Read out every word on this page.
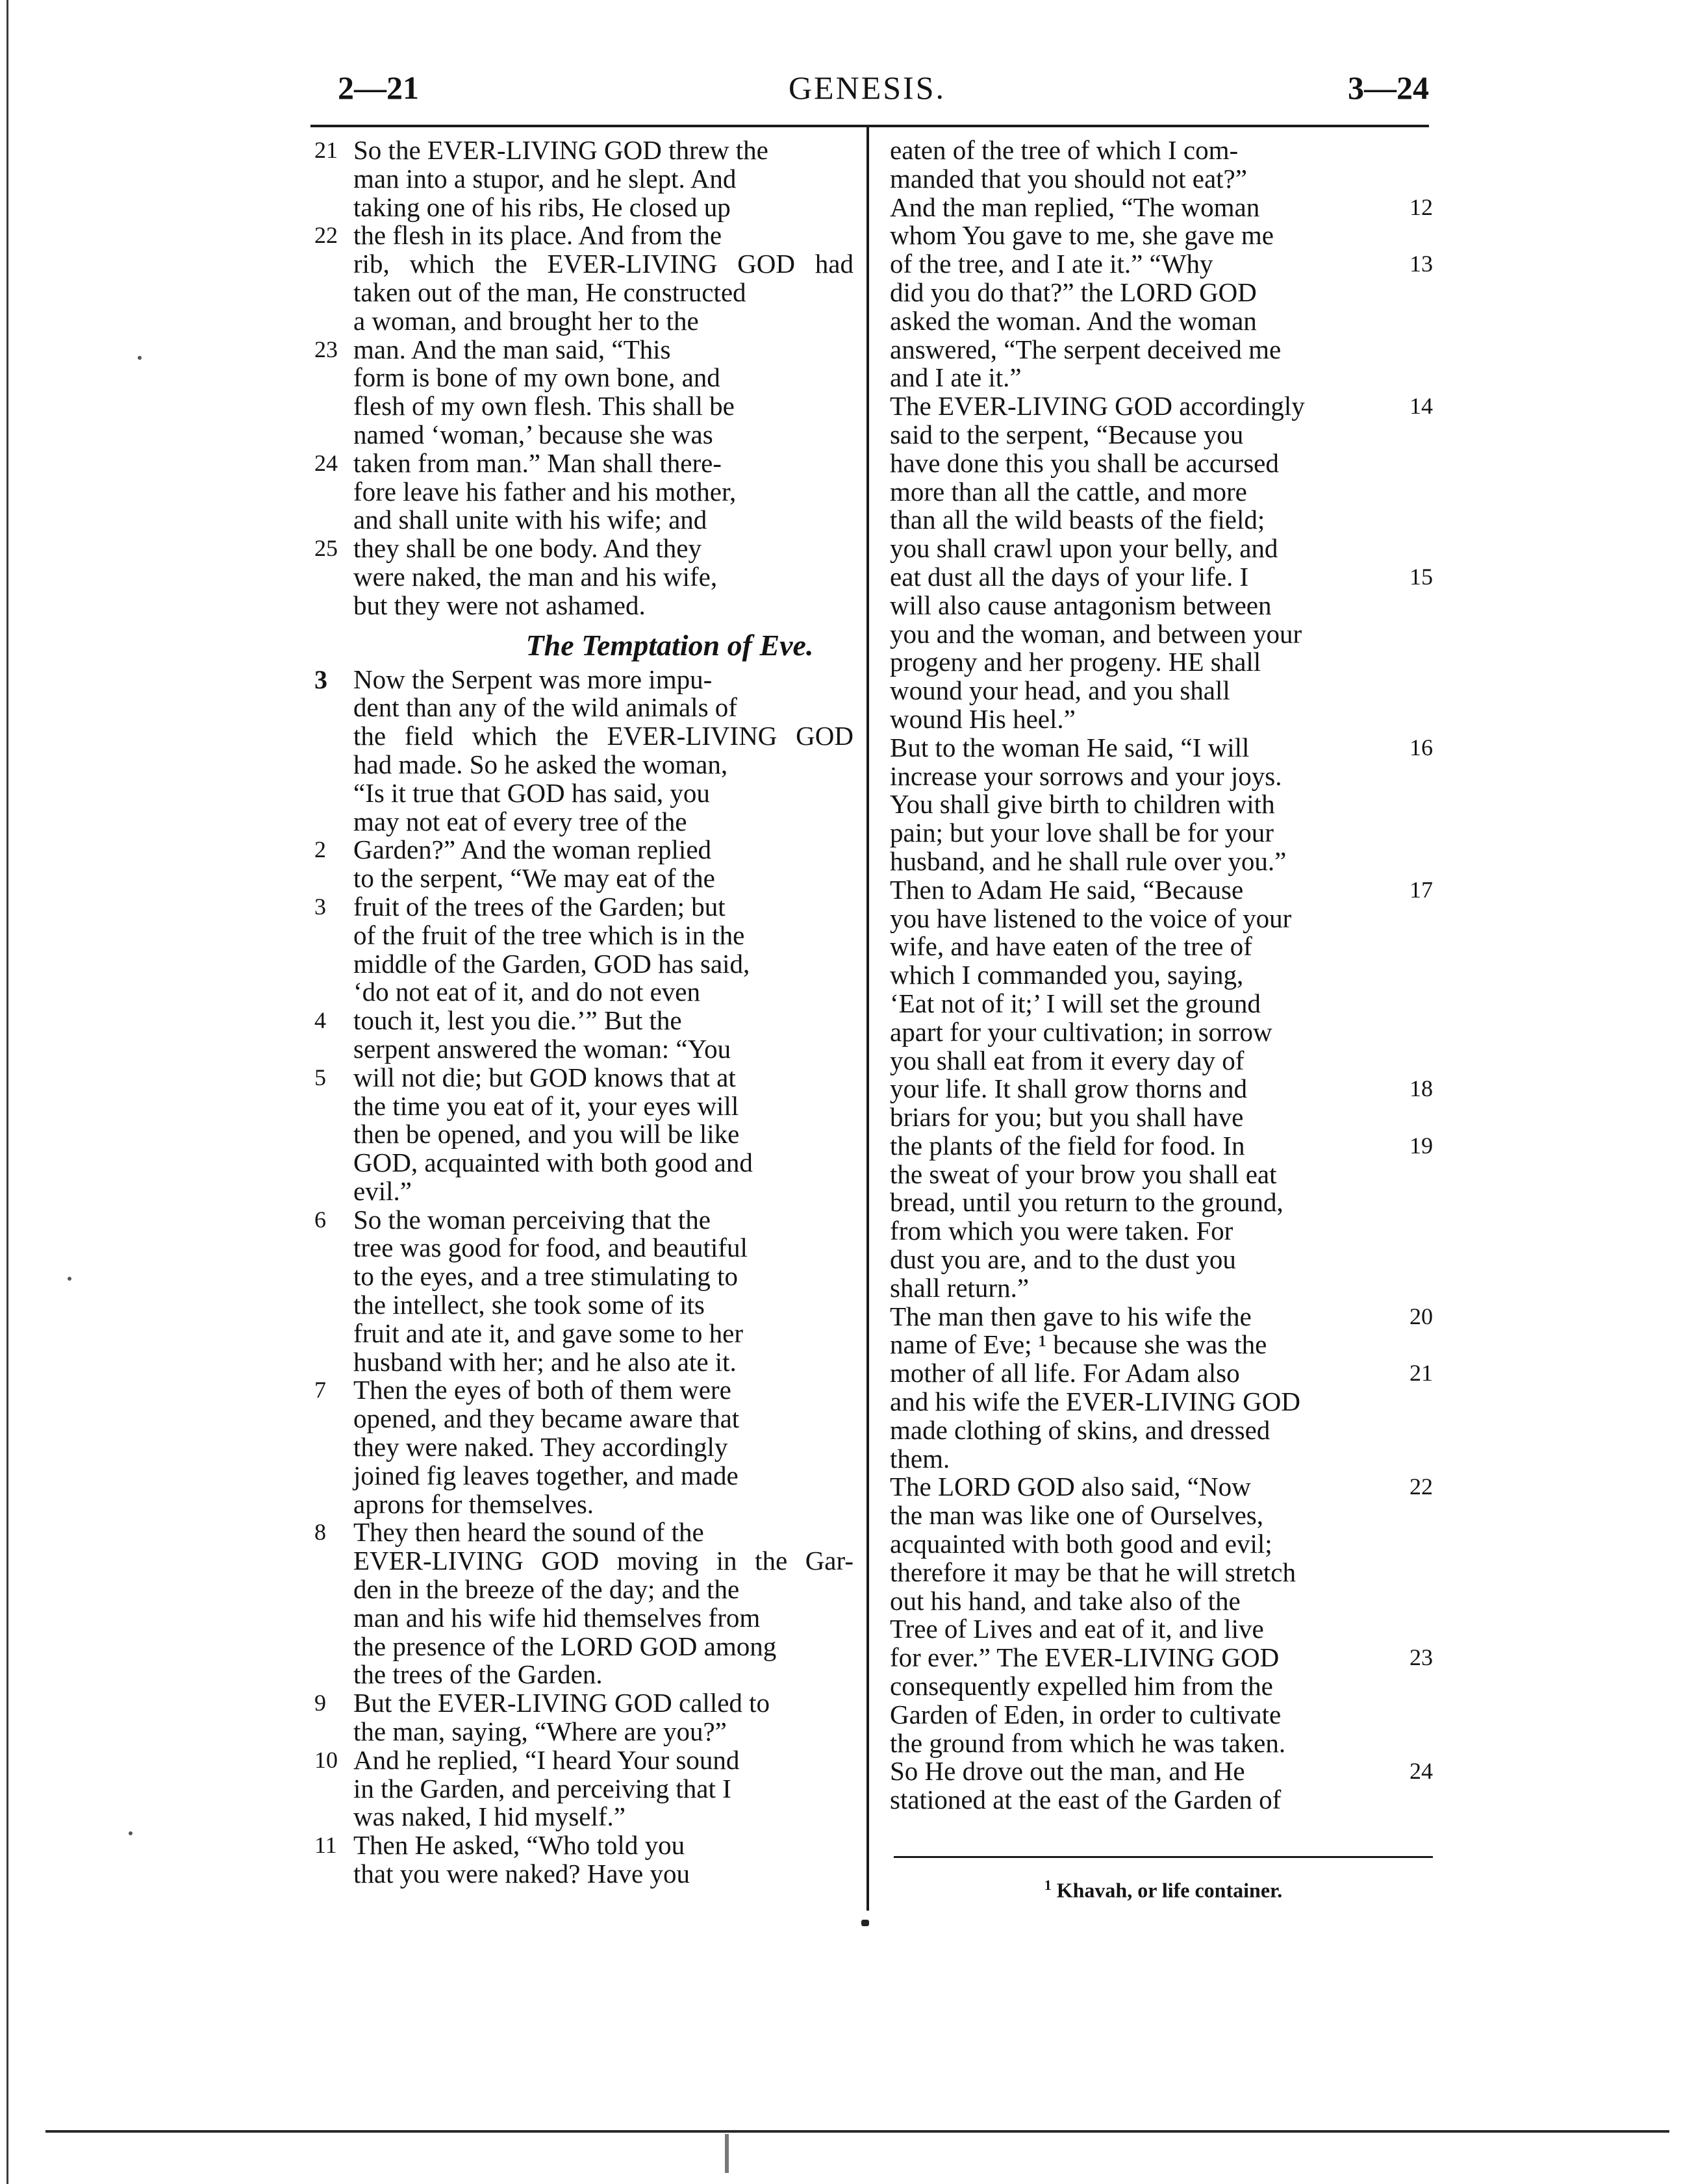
2—21	GENESIS.	3—24
21 So the EVER-LIVING GOD threw the
man into a stupor, and he slept. And
taking one of his ribs, He closed up
22 the flesh in its place. And from the
rib, which the EVER-LIVING GOD had
taken out of the man, He constructed
a woman, and brought her to the
23 man. And the man said, “This
form is bone of my own bone, and
flesh of my own flesh. This shall be
named ‘woman,’ because she was
24 taken from man.” Man shall there-
fore leave his father and his mother,
and shall unite with his wife; and
25 they shall be one body. And they
were naked, the man and his wife,
but they were not ashamed.
The Temptation of Eve.
3 Now the Serpent was more impu-
dent than any of the wild animals of
the field which the EVER-LIVING GOD
had made. So he asked the woman,
“Is it true that GOD has said, you
may not eat of every tree of the
2 Garden?” And the woman replied
to the serpent, “We may eat of the
3 fruit of the trees of the Garden; but
of the fruit of the tree which is in the
middle of the Garden, GOD has said,
‘do not eat of it, and do not even
4 touch it, lest you die.’” But the
serpent answered the woman: “You
5 will not die; but GOD knows that at
the time you eat of it, your eyes will
then be opened, and you will be like
GOD, acquainted with both good and
evil.”
6 So the woman perceiving that the
tree was good for food, and beautiful
to the eyes, and a tree stimulating to
the intellect, she took some of its
fruit and ate it, and gave some to her
husband with her; and he also ate it.
7 Then the eyes of both of them were
opened, and they became aware that
they were naked. They accordingly
joined fig leaves together, and made
aprons for themselves.
8 They then heard the sound of the
EVER-LIVING GOD moving in the Gar-
den in the breeze of the day; and the
man and his wife hid themselves from
the presence of the LORD GOD among
the trees of the Garden.
9 But the EVER-LIVING GOD called to
the man, saying, “Where are you?”
10 And he replied, “I heard Your sound
in the Garden, and perceiving that I
was naked, I hid myself.”
11 Then He asked, “Who told you
that you were naked? Have you
eaten of the tree of which I com-
manded that you should not eat?”
12
And the man replied, “The woman
whom You gave to me, she gave me
13
of the tree, and I ate it.” “Why
did you do that?” the LORD GOD
asked the woman. And the woman
answered, “The serpent deceived me
and I ate it.”
14
The EVER-LIVING GOD accordingly
said to the serpent, “Because you
have done this you shall be accursed
more than all the cattle, and more
than all the wild beasts of the field;
you shall crawl upon your belly, and
15
eat dust all the days of your life. I
will also cause antagonism between
you and the woman, and between your
progeny and her progeny. HE shall
wound your head, and you shall
wound His heel.”
16
But to the woman He said, “I will
increase your sorrows and your joys.
You shall give birth to children with
pain; but your love shall be for your
husband, and he shall rule over you.”
17
Then to Adam He said, “Because
you have listened to the voice of your
wife, and have eaten of the tree of
which I commanded you, saying,
‘Eat not of it;’ I will set the ground
apart for your cultivation; in sorrow
you shall eat from it every day of
18
your life. It shall grow thorns and
briars for you; but you shall have
19
the plants of the field for food. In
the sweat of your brow you shall eat
bread, until you return to the ground,
from which you were taken. For
dust you are, and to the dust you
shall return.”
20
The man then gave to his wife the
name of Eve; ¹ because she was the
21
mother of all life. For Adam also
and his wife the EVER-LIVING GOD
made clothing of skins, and dressed
them.
22
The LORD GOD also said, “Now
the man was like one of Ourselves,
acquainted with both good and evil;
therefore it may be that he will stretch
out his hand, and take also of the
Tree of Lives and eat of it, and live
23
for ever.” The EVER-LIVING GOD
consequently expelled him from the
Garden of Eden, in order to cultivate
the ground from which he was taken.
24
So He drove out the man, and He
stationed at the east of the Garden of
$^1$ Khavah, or life container.
